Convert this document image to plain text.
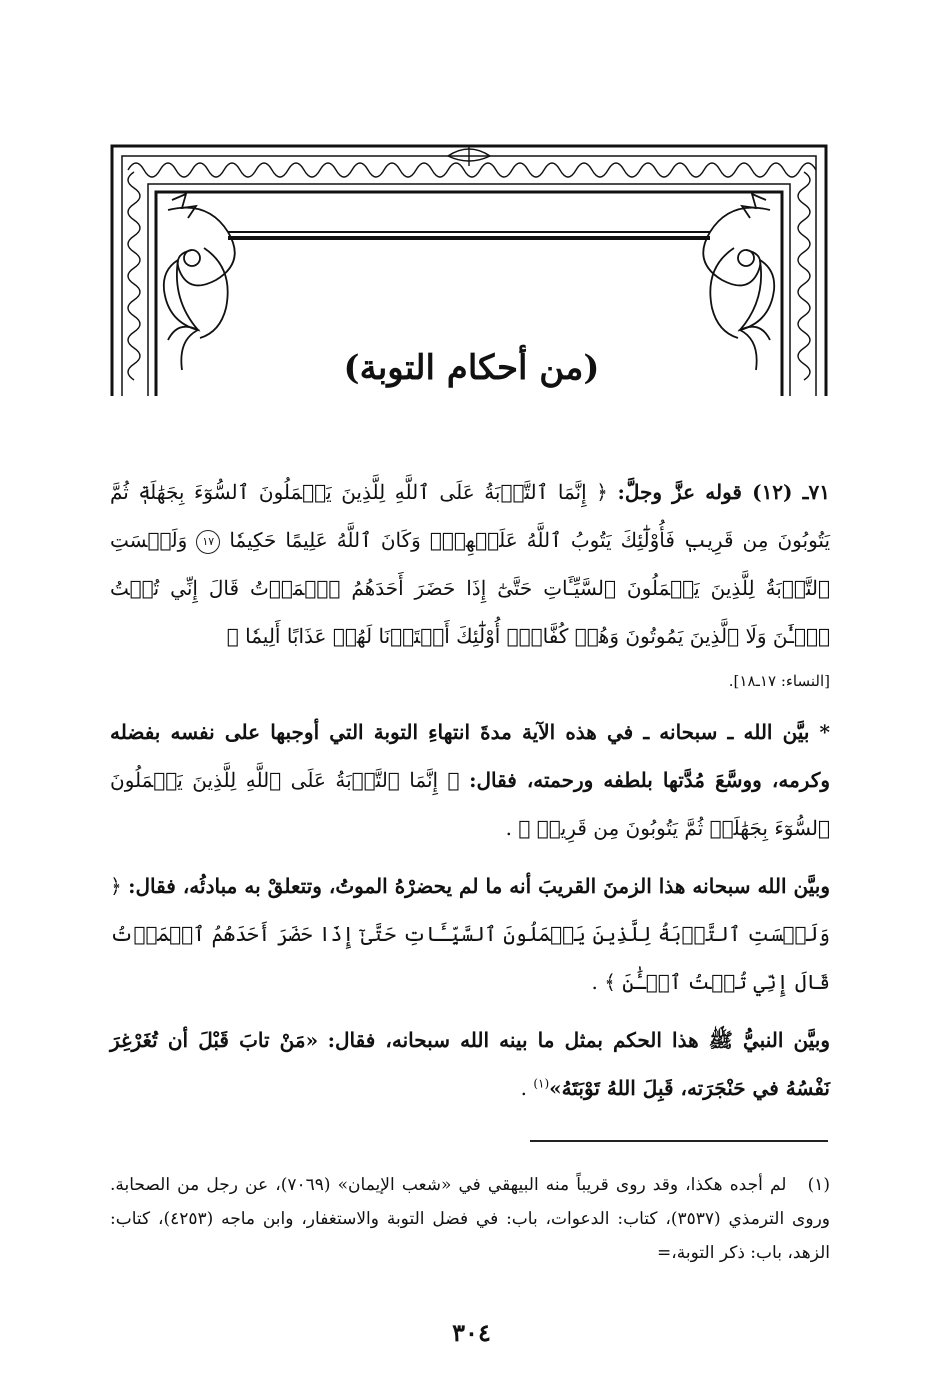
(من أحكام التوبة)

٧١ـ (١٢) قوله عزَّ وجلَّ: ﴿ إِنَّمَا ٱلتَّوۡبَةُ عَلَى ٱللَّهِ لِلَّذِينَ يَعۡمَلُونَ ٱلسُّوٓءَ بِجَهَٰلَةٖ ثُمَّ يَتُوبُونَ مِن قَرِيبٖ فَأُوْلَٰٓئِكَ يَتُوبُ ٱللَّهُ عَلَيۡهِمۡۗ وَكَانَ ٱللَّهُ عَلِيمًا حَكِيمٗا ١٧ وَلَيۡسَتِ ٱلتَّوۡبَةُ لِلَّذِينَ يَعۡمَلُونَ ٱلسَّيِّـَٔاتِ حَتَّىٰٓ إِذَا حَضَرَ أَحَدَهُمُ ٱلۡمَوۡتُ قَالَ إِنِّي تُبۡتُ ٱلۡـَٰٔنَ وَلَا ٱلَّذِينَ يَمُوتُونَ وَهُمۡ كُفَّارٌۚ أُوْلَٰٓئِكَ أَعۡتَدۡنَا لَهُمۡ عَذَابًا أَلِيمٗا ﴾

[النساء: ١٧ـ١٨].

* بيَّن الله ـ سبحانه ـ في هذه الآية مدةَ انتهاءِ التوبة التي أوجبها على نفسه بفضله وكرمه، ووسَّعَ مُدَّتها بلطفه ورحمته، فقال: ﴿ إِنَّمَا ٱلتَّوۡبَةُ عَلَى ٱللَّهِ لِلَّذِينَ يَعۡمَلُونَ ٱلسُّوٓءَ بِجَهَٰلَةٖ ثُمَّ يَتُوبُونَ مِن قَرِيبٖ ﴾ .

وبيَّن الله سبحانه هذا الزمنَ القريبَ أنه ما لم يحضرْهُ الموتُ، وتتعلقْ به مبادئُه، فقال: ﴿ وَلَيۡسَتِ ٱلتَّوۡبَةُ لِلَّذِينَ يَعۡمَلُونَ ٱلسَّيِّـَٔاتِ حَتَّىٰٓ إِذَا حَضَرَ أَحَدَهُمُ ٱلۡمَوۡتُ قَالَ إِنِّي تُبۡتُ ٱلۡـَٰٔنَ ﴾ .

وبيَّن النبيُّ ﷺ هذا الحكم بمثل ما بينه الله سبحانه، فقال: «مَنْ تابَ قَبْلَ أن تُغَرْغِرَ نَفْسُهُ في حَنْجَرَته، قَبِلَ اللهُ تَوْبَتَهُ»$^{(١)}$ .

(١) لم أجده هكذا، وقد روى قريباً منه البيهقي في «شعب الإيمان» (٧٠٦٩)، عن رجل من الصحابة. وروى الترمذي (٣٥٣٧)، كتاب: الدعوات، باب: في فضل التوبة والاستغفار، وابن ماجه (٤٢٥٣)، كتاب: الزهد، باب: ذكر التوبة،=
٣٠٤
